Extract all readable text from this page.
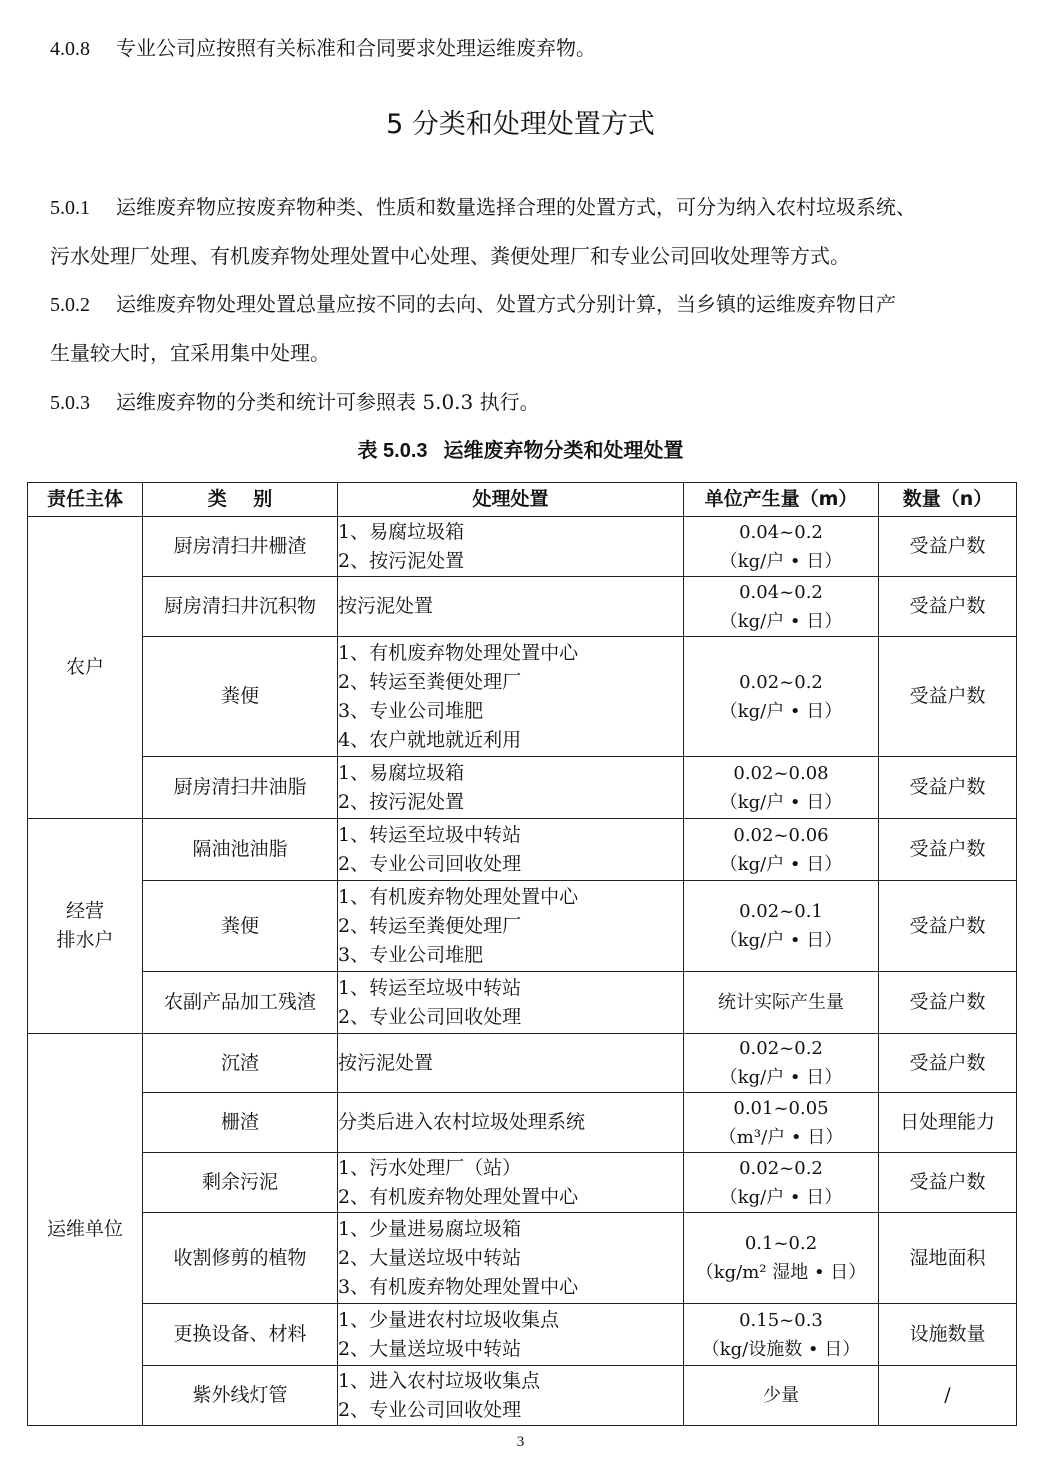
4.0.8 专业公司应按照有关标准和合同要求处理运维废弃物。
5 分类和处理处置方式
5.0.1 运维废弃物应按废弃物种类、性质和数量选择合理的处置方式，可分为纳入农村垃圾系统、
污水处理厂处理、有机废弃物处理处置中心处理、粪便处理厂和专业公司回收处理等方式。
5.0.2 运维废弃物处理处置总量应按不同的去向、处置方式分别计算，当乡镇的运维废弃物日产
生量较大时，宜采用集中处理。
5.0.3 运维废弃物的分类和统计可参照表 5.0.3 执行。
表 5.0.3 运维废弃物分类和处理处置
责任主体	类    别	处理处置	单位产生量（m）	数量（n）
农户	厨房清扫井栅渣	1、易腐垃圾箱
2、按污泥处置	0.04~0.2
（kg/户 • 日）	受益户数
	厨房清扫井沉积物	按污泥处置	0.04~0.2
（kg/户 • 日）	受益户数
	粪便	1、有机废弃物处理处置中心
2、转运至粪便处理厂
3、专业公司堆肥
4、农户就地就近利用	0.02~0.2
（kg/户 • 日）	受益户数
	厨房清扫井油脂	1、易腐垃圾箱
2、按污泥处置	0.02~0.08
（kg/户 • 日）	受益户数

经营
排水户	隔油池油脂	1、转运至垃圾中转站
2、专业公司回收处理	0.02~0.06
（kg/户 • 日）	受益户数
	粪便	1、有机废弃物处理处置中心
2、转运至粪便处理厂
3、专业公司堆肥	0.02~0.1
（kg/户 • 日）	受益户数
	农副产品加工残渣	1、转运至垃圾中转站
2、专业公司回收处理	统计实际产生量	受益户数
运维单位	沉渣	按污泥处置	0.02~0.2
（kg/户 • 日）	受益户数
	栅渣	分类后进入农村垃圾处理系统	0.01~0.05
（m³/户 • 日）	日处理能力
	剩余污泥	1、污水处理厂（站）
2、有机废弃物处理处置中心	0.02~0.2
（kg/户 • 日）	受益户数
	收割修剪的植物	1、少量进易腐垃圾箱
2、大量送垃圾中转站
3、有机废弃物处理处置中心	0.1~0.2
（kg/m² 湿地 • 日）	湿地面积
	更换设备、材料	1、少量进农村垃圾收集点
2、大量送垃圾中转站	0.15~0.3
（kg/设施数 • 日）	设施数量
	紫外线灯管	1、进入农村垃圾收集点
2、专业公司回收处理	少量	/
3
